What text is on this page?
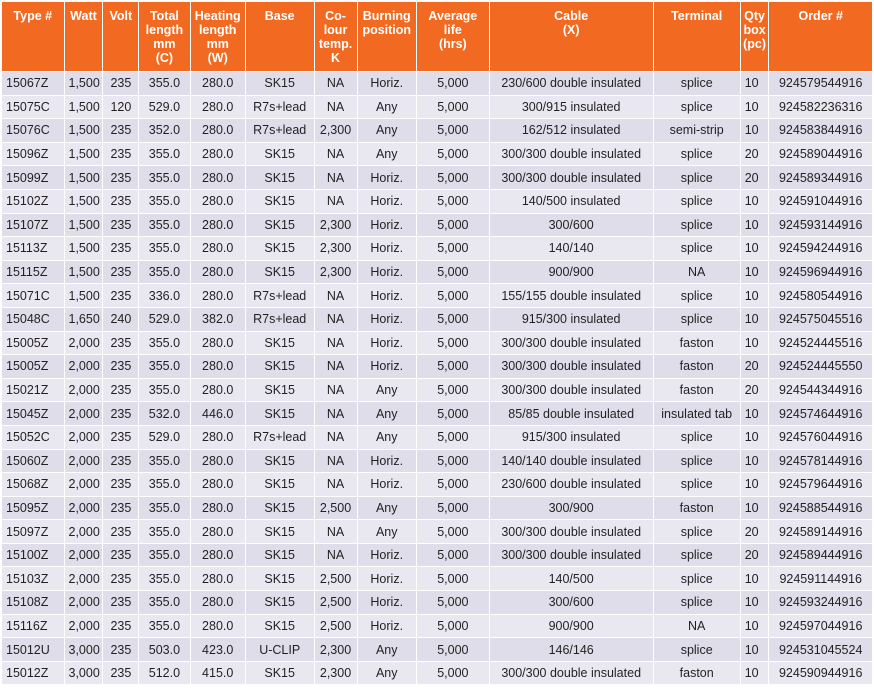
Type #	Watt	Volt	Total
length
mm
(C)	Heating
length
mm
(W)	Base	Co-
lour
temp.
K	Burning
position	Average
life
(hrs)	Cable
(X)	Terminal	Qty
box
(pc)	Order #
15067Z	1,500	235	355.0	280.0	SK15	NA	Horiz.	5,000	230/600 double insulated	splice	10	924579544916
15075C	1,500	120	529.0	280.0	R7s+lead	NA	Any	5,000	300/915 insulated	splice	10	924582236316
15076C	1,500	235	352.0	280.0	R7s+lead	2,300	Any	5,000	162/512 insulated	semi-strip	10	924583844916
15096Z	1,500	235	355.0	280.0	SK15	NA	Any	5,000	300/300 double insulated	splice	20	924589044916
15099Z	1,500	235	355.0	280.0	SK15	NA	Horiz.	5,000	300/300 double insulated	splice	20	924589344916
15102Z	1,500	235	355.0	280.0	SK15	NA	Horiz.	5,000	140/500 insulated	splice	10	924591044916
15107Z	1,500	235	355.0	280.0	SK15	2,300	Horiz.	5,000	300/600	splice	10	924593144916
15113Z	1,500	235	355.0	280.0	SK15	2,300	Horiz.	5,000	140/140	splice	10	924594244916
15115Z	1,500	235	355.0	280.0	SK15	2,300	Horiz.	5,000	900/900	NA	10	924596944916
15071C	1,500	235	336.0	280.0	R7s+lead	NA	Horiz.	5,000	155/155 double insulated	splice	10	924580544916
15048C	1,650	240	529.0	382.0	R7s+lead	NA	Horiz.	5,000	915/300 insulated	splice	10	924575045516
15005Z	2,000	235	355.0	280.0	SK15	NA	Horiz.	5,000	300/300 double insulated	faston	10	924524445516
15005Z	2,000	235	355.0	280.0	SK15	NA	Horiz.	5,000	300/300 double insulated	faston	20	924524445550
15021Z	2,000	235	355.0	280.0	SK15	NA	Any	5,000	300/300 double insulated	faston	20	924544344916
15045Z	2,000	235	532.0	446.0	SK15	NA	Any	5,000	85/85 double insulated	insulated tab	10	924574644916
15052C	2,000	235	529.0	280.0	R7s+lead	NA	Any	5,000	915/300 insulated	splice	10	924576044916
15060Z	2,000	235	355.0	280.0	SK15	NA	Horiz.	5,000	140/140 double insulated	splice	10	924578144916
15068Z	2,000	235	355.0	280.0	SK15	NA	Horiz.	5,000	230/600 double insulated	splice	10	924579644916
15095Z	2,000	235	355.0	280.0	SK15	2,500	Any	5,000	300/900	faston	10	924588544916
15097Z	2,000	235	355.0	280.0	SK15	NA	Any	5,000	300/300 double insulated	splice	20	924589144916
15100Z	2,000	235	355.0	280.0	SK15	NA	Horiz.	5,000	300/300 double insulated	splice	20	924589444916
15103Z	2,000	235	355.0	280.0	SK15	2,500	Horiz.	5,000	140/500	splice	10	924591144916
15108Z	2,000	235	355.0	280.0	SK15	2,500	Horiz.	5,000	300/600	splice	10	924593244916
15116Z	2,000	235	355.0	280.0	SK15	2,500	Horiz.	5,000	900/900	NA	10	924597044916
15012U	3,000	235	503.0	423.0	U-CLIP	2,300	Any	5,000	146/146	splice	10	924531045524
15012Z	3,000	235	512.0	415.0	SK15	2,300	Any	5,000	300/300 double insulated	faston	10	924590944916
